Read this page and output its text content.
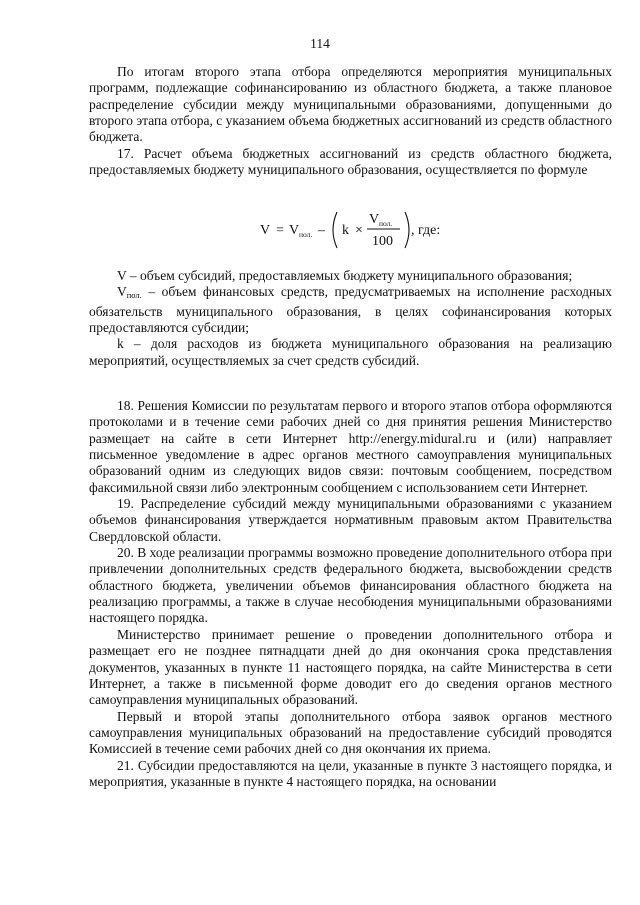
114

По итогам второго этапа отбора определяются мероприятия муниципальных программ, подлежащие софинансированию из областного бюджета, а также плановое распределение субсидии между муниципальными образованиями, допущенными до второго этапа отбора, с указанием объема бюджетных ассигнований из средств областного бюджета.

17. Расчет объема бюджетных ассигнований из средств областного бюджета, предоставляемых бюджету муниципального образования, осуществляется по формуле

V = V пол. – k ×
V пол.
100
, где:

V – объем субсидий, предоставляемых бюджету муниципального образования;

$V_{пол.}$ – объем финансовых средств, предусматриваемых на исполнение расходных обязательств муниципального образования, в целях софинансирования которых предоставляются субсидии;

k – доля расходов из бюджета муниципального образования на реализацию мероприятий, осуществляемых за счет средств субсидий.

18. Решения Комиссии по результатам первого и второго этапов отбора оформляются протоколами и в течение семи рабочих дней со дня принятия решения Министерство размещает на сайте в сети Интернет http://energy.midural.ru и (или) направляет письменное уведомление в адрес органов местного самоуправления муниципальных образований одним из следующих видов связи: почтовым сообщением, посредством факсимильной связи либо электронным сообщением с использованием сети Интернет.

19. Распределение субсидий между муниципальными образованиями с указанием объемов финансирования утверждается нормативным правовым актом Правительства Свердловской области.

20. В ходе реализации программы возможно проведение дополнительного отбора при привлечении дополнительных средств федерального бюджета, высвобождении средств областного бюджета, увеличении объемов финансирования областного бюджета на реализацию программы, а также в случае несобюдения муниципальными образованиями настоящего порядка.

Министерство принимает решение о проведении дополнительного отбора и размещает его не позднее пятнадцати дней до дня окончания срока представления документов, указанных в пункте 11 настоящего порядка, на сайте Министерства в сети Интернет, а также в письменной форме доводит его до сведения органов местного самоуправления муниципальных образований.

Первый и второй этапы дополнительного отбора заявок органов местного самоуправления муниципальных образований на предоставление субсидий проводятся Комиссией в течение семи рабочих дней со дня окончания их приема.

21. Субсидии предоставляются на цели, указанные в пункте 3 настоящего порядка, и мероприятия, указанные в пункте 4 настоящего порядка, на основании
